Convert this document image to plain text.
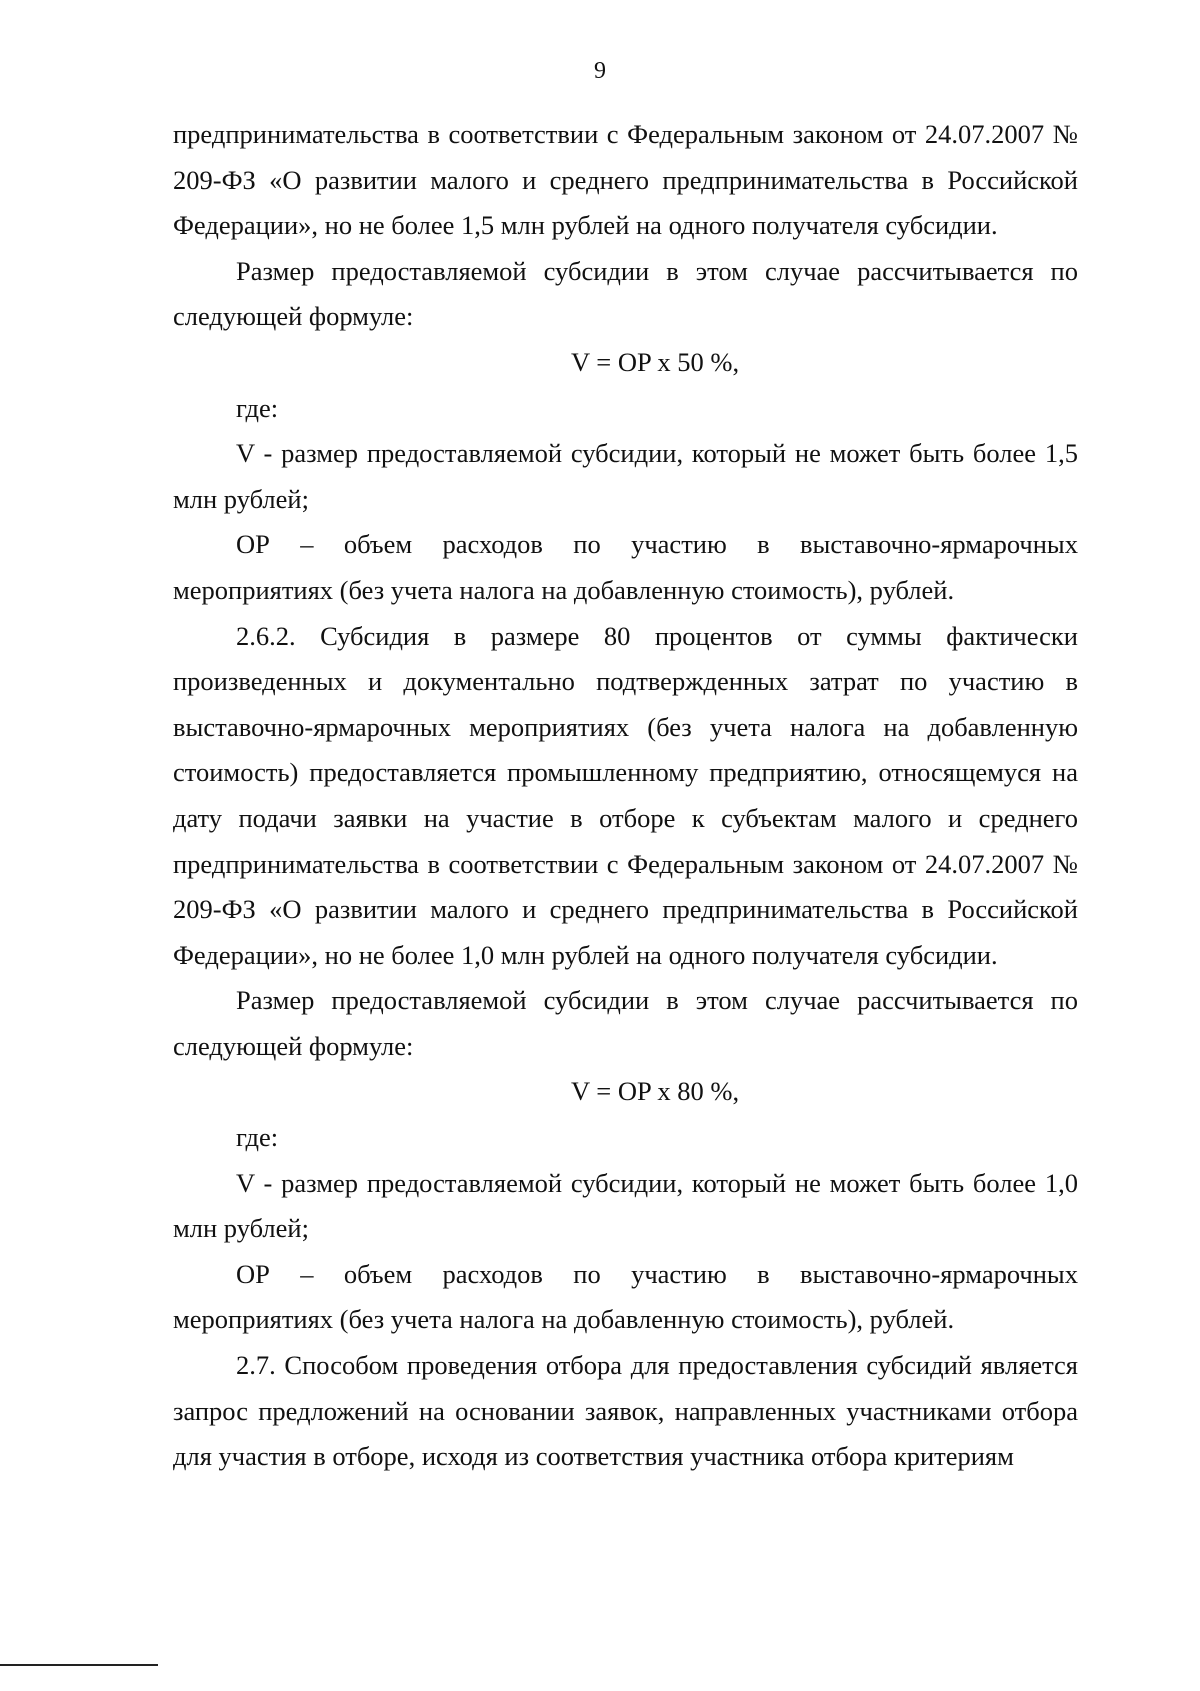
9

предпринимательства в соответствии с Федеральным законом от 24.07.2007 № 209-ФЗ «О развитии малого и среднего предпринимательства в Российской Федерации», но не более 1,5 млн рублей на одного получателя субсидии.

Размер предоставляемой субсидии в этом случае рассчитывается по следующей формуле:

V = OP x 50 %,

где:

V - размер предоставляемой субсидии, который не может быть более 1,5 млн рублей;

ОР – объем расходов по участию в выставочно-ярмарочных мероприятиях (без учета налога на добавленную стоимость), рублей.

2.6.2. Субсидия в размере 80 процентов от суммы фактически произведенных и документально подтвержденных затрат по участию в выставочно-ярмарочных мероприятиях (без учета налога на добавленную стоимость) предоставляется промышленному предприятию, относящемуся на дату подачи заявки на участие в отборе к субъектам малого и среднего предпринимательства в соответствии с Федеральным законом от 24.07.2007 № 209-ФЗ «О развитии малого и среднего предпринимательства в Российской Федерации», но не более 1,0 млн рублей на одного получателя субсидии.

Размер предоставляемой субсидии в этом случае рассчитывается по следующей формуле:

V = OP x 80 %,

где:

V - размер предоставляемой субсидии, который не может быть более 1,0 млн рублей;

ОР – объем расходов по участию в выставочно-ярмарочных мероприятиях (без учета налога на добавленную стоимость), рублей.

2.7. Способом проведения отбора для предоставления субсидий является запрос предложений на основании заявок, направленных участниками отбора для участия в отборе, исходя из соответствия участника отбора критериям
